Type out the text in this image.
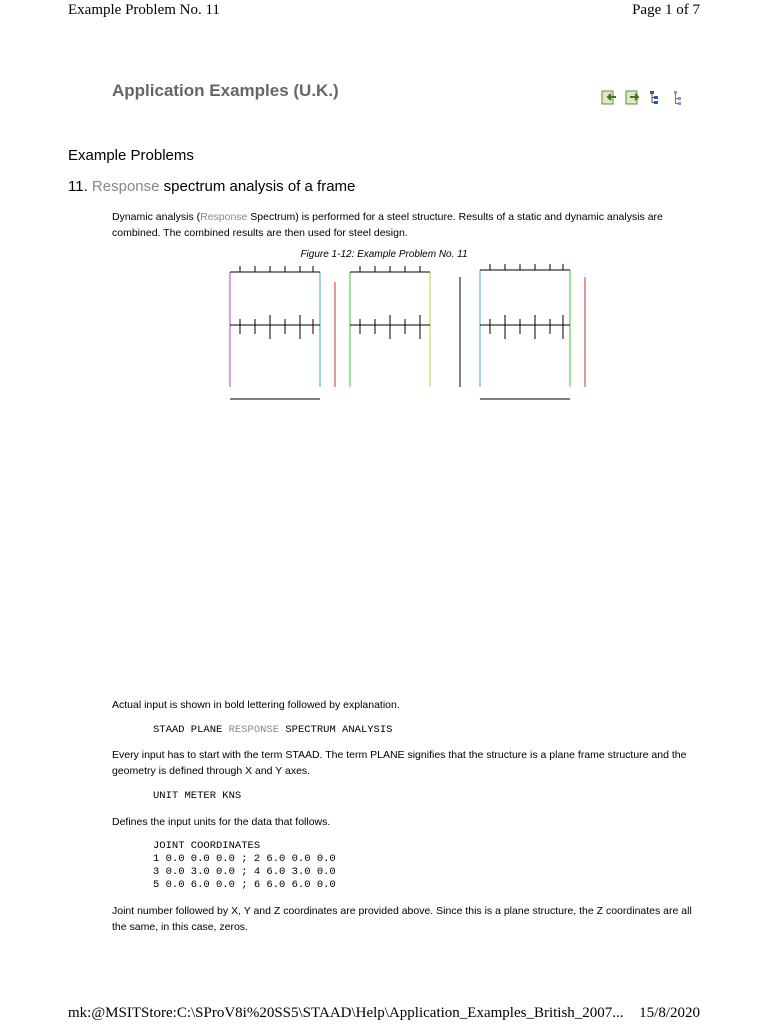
Example Problem No. 11	Page 1 of 7
Application Examples (U.K.)
Example Problems
11. Response spectrum analysis of a frame
Dynamic analysis (Response Spectrum) is performed for a steel structure. Results of a static and dynamic analysis are combined. The combined results are then used for steel design.
Figure 1-12: Example Problem No. 11
Actual input is shown in bold lettering followed by explanation.
STAAD PLANE RESPONSE SPECTRUM ANALYSIS
Every input has to start with the term STAAD. The term PLANE signifies that the structure is a plane frame structure and the geometry is defined through X and Y axes.
UNIT METER KNS
Defines the input units for the data that follows.
JOINT COORDINATES
1 0.0 0.0 0.0 ; 2 6.0 0.0 0.0
3 0.0 3.0 0.0 ; 4 6.0 3.0 0.0
5 0.0 6.0 0.0 ; 6 6.0 6.0 0.0
Joint number followed by X, Y and Z coordinates are provided above. Since this is a plane structure, the Z coordinates are all the same, in this case, zeros.
mk:@MSITStore:C:\SProV8i%20SS5\STAAD\Help\Application_Examples_British_2007... 15/8/2020
